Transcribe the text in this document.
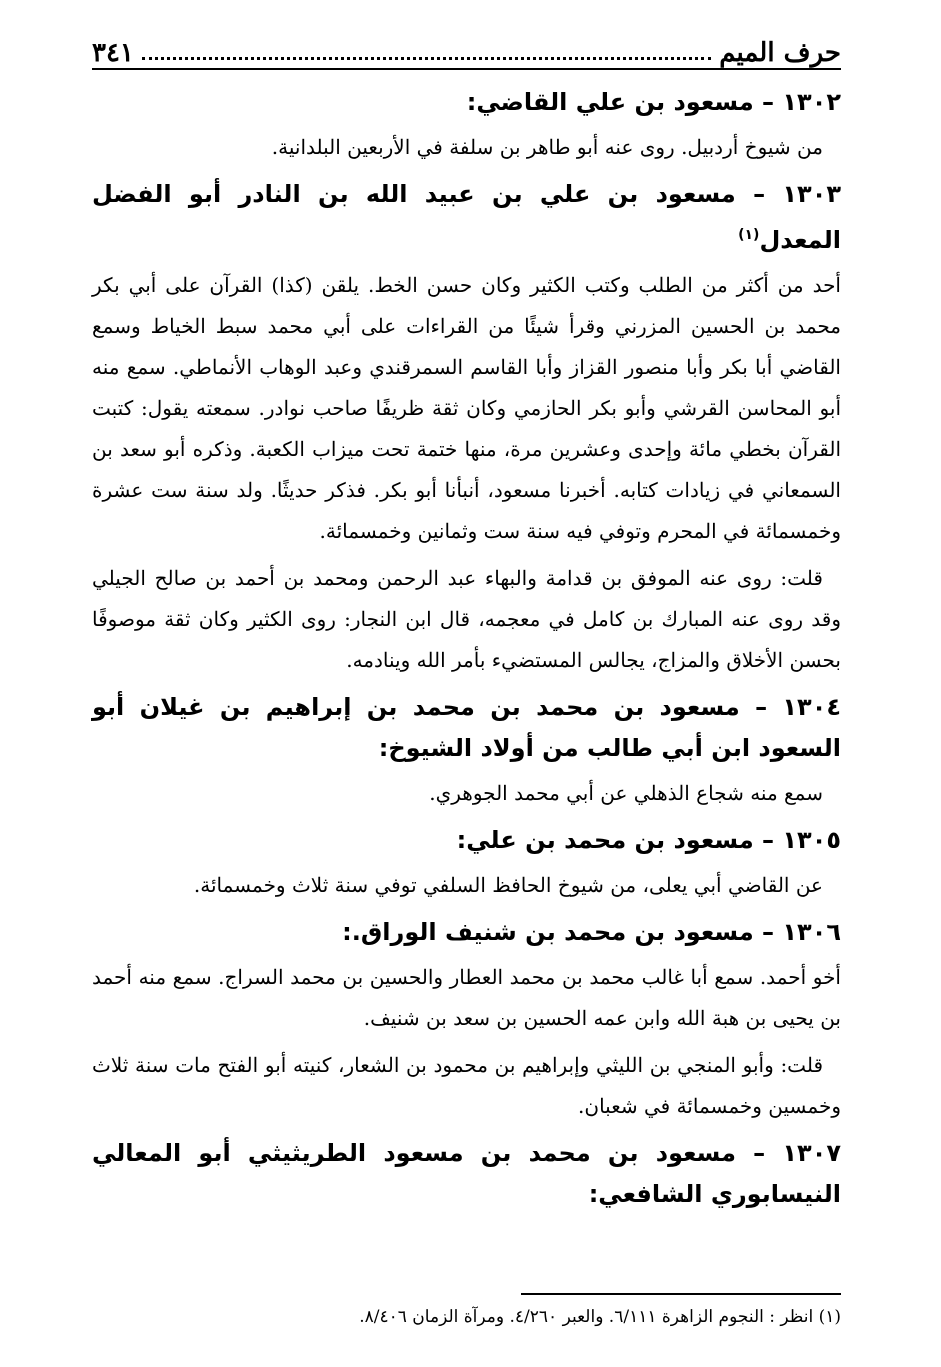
حرف الميم
٣٤١

١٣٠٢ – مسعود بن علي القاضي:

من شيوخ أردبيل. روى عنه أبو طاهر بن سلفة في الأربعين البلدانية.

١٣٠٣ – مسعود بن علي بن عبيد الله بن النادر أبو الفضل المعدل$^{(١)}$

أحد من أكثر من الطلب وكتب الكثير وكان حسن الخط. يلقن (كذا) القرآن على أبي بكر محمد بن الحسين المزرني وقرأ شيئًا من القراءات على أبي محمد سبط الخياط وسمع القاضي أبا بكر وأبا منصور القزاز وأبا القاسم السمرقندي وعبد الوهاب الأنماطي. سمع منه أبو المحاسن القرشي وأبو بكر الحازمي وكان ثقة ظريفًا صاحب نوادر. سمعته يقول: كتبت القرآن بخطي مائة وإحدى وعشرين مرة، منها ختمة تحت ميزاب الكعبة. وذكره أبو سعد بن السمعاني في زيادات كتابه. أخبرنا مسعود، أنبأنا أبو بكر. فذكر حديثًا. ولد سنة ست عشرة وخمسمائة في المحرم وتوفي فيه سنة ست وثمانين وخمسمائة.

قلت: روى عنه الموفق بن قدامة والبهاء عبد الرحمن ومحمد بن أحمد بن صالح الجيلي وقد روى عنه المبارك بن كامل في معجمه، قال ابن النجار: روى الكثير وكان ثقة موصوفًا بحسن الأخلاق والمزاج، يجالس المستضيء بأمر الله وينادمه.

١٣٠٤ – مسعود بن محمد بن محمد بن إبراهيم بن غيلان أبو السعود ابن أبي طالب من أولاد الشيوخ:

سمع منه شجاع الذهلي عن أبي محمد الجوهري.

١٣٠٥ – مسعود بن محمد بن علي:

عن القاضي أبي يعلى، من شيوخ الحافظ السلفي توفي سنة ثلاث وخمسمائة.

١٣٠٦ – مسعود بن محمد بن شنيف الوراق.:

أخو أحمد. سمع أبا غالب محمد بن محمد العطار والحسين بن محمد السراج. سمع منه أحمد بن يحيى بن هبة الله وابن عمه الحسين بن سعد بن شنيف.

قلت: وأبو المنجي بن الليثي وإبراهيم بن محمود بن الشعار، كنيته أبو الفتح مات سنة ثلاث وخمسين وخمسمائة في شعبان.

١٣٠٧ – مسعود بن محمد بن مسعود الطريثيثي أبو المعالي النيسابوري الشافعي:

(١) انظر : النجوم الزاهرة ٦/١١١. والعبر ٤/٢٦٠. ومرآة الزمان ٨/٤٠٦.
